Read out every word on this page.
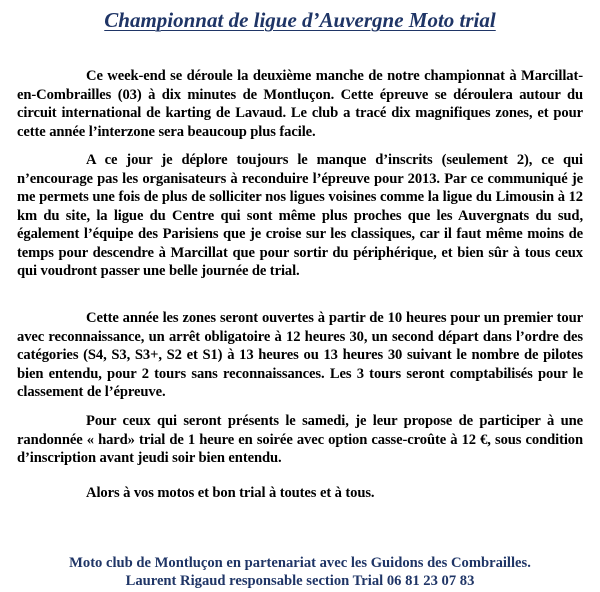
Championnat de ligue d’Auvergne Moto trial

Ce week-end se déroule la deuxième manche de notre championnat à Marcillat-en-Combrailles (03) à dix minutes de Montluçon. Cette épreuve se déroulera autour du circuit international de karting de Lavaud. Le club a tracé dix magnifiques zones, et pour cette année l’interzone sera beaucoup plus facile.

A ce jour je déplore toujours le manque d’inscrits (seulement 2), ce qui n’encourage pas les organisateurs à reconduire l’épreuve pour 2013. Par ce communiqué je me permets une fois de plus de solliciter nos ligues voisines comme la ligue du Limousin à 12 km du site, la ligue du Centre qui sont même plus proches que les Auvergnats du sud, également l’équipe des Parisiens que je croise sur les classiques, car il faut même moins de temps pour descendre à Marcillat que pour sortir du périphérique, et bien sûr à tous ceux qui voudront passer une belle journée de trial.

Cette année les zones seront ouvertes à partir de 10 heures pour un premier tour avec reconnaissance, un arrêt obligatoire à 12 heures 30, un second départ dans l’ordre des catégories (S4, S3, S3+, S2 et S1) à 13 heures ou 13 heures 30 suivant le nombre de pilotes bien entendu, pour 2 tours sans reconnaissances. Les 3 tours seront comptabilisés pour le classement de l’épreuve.

Pour ceux qui seront présents le samedi, je leur propose de participer à une randonnée « hard» trial de 1 heure en soirée avec option casse-croûte à 12 €, sous condition d’inscription avant jeudi soir bien entendu.

Alors à vos motos et bon trial à toutes et à tous.

Moto club de Montluçon en partenariat avec les Guidons des Combrailles.

Laurent Rigaud responsable section Trial 06 81 23 07 83
